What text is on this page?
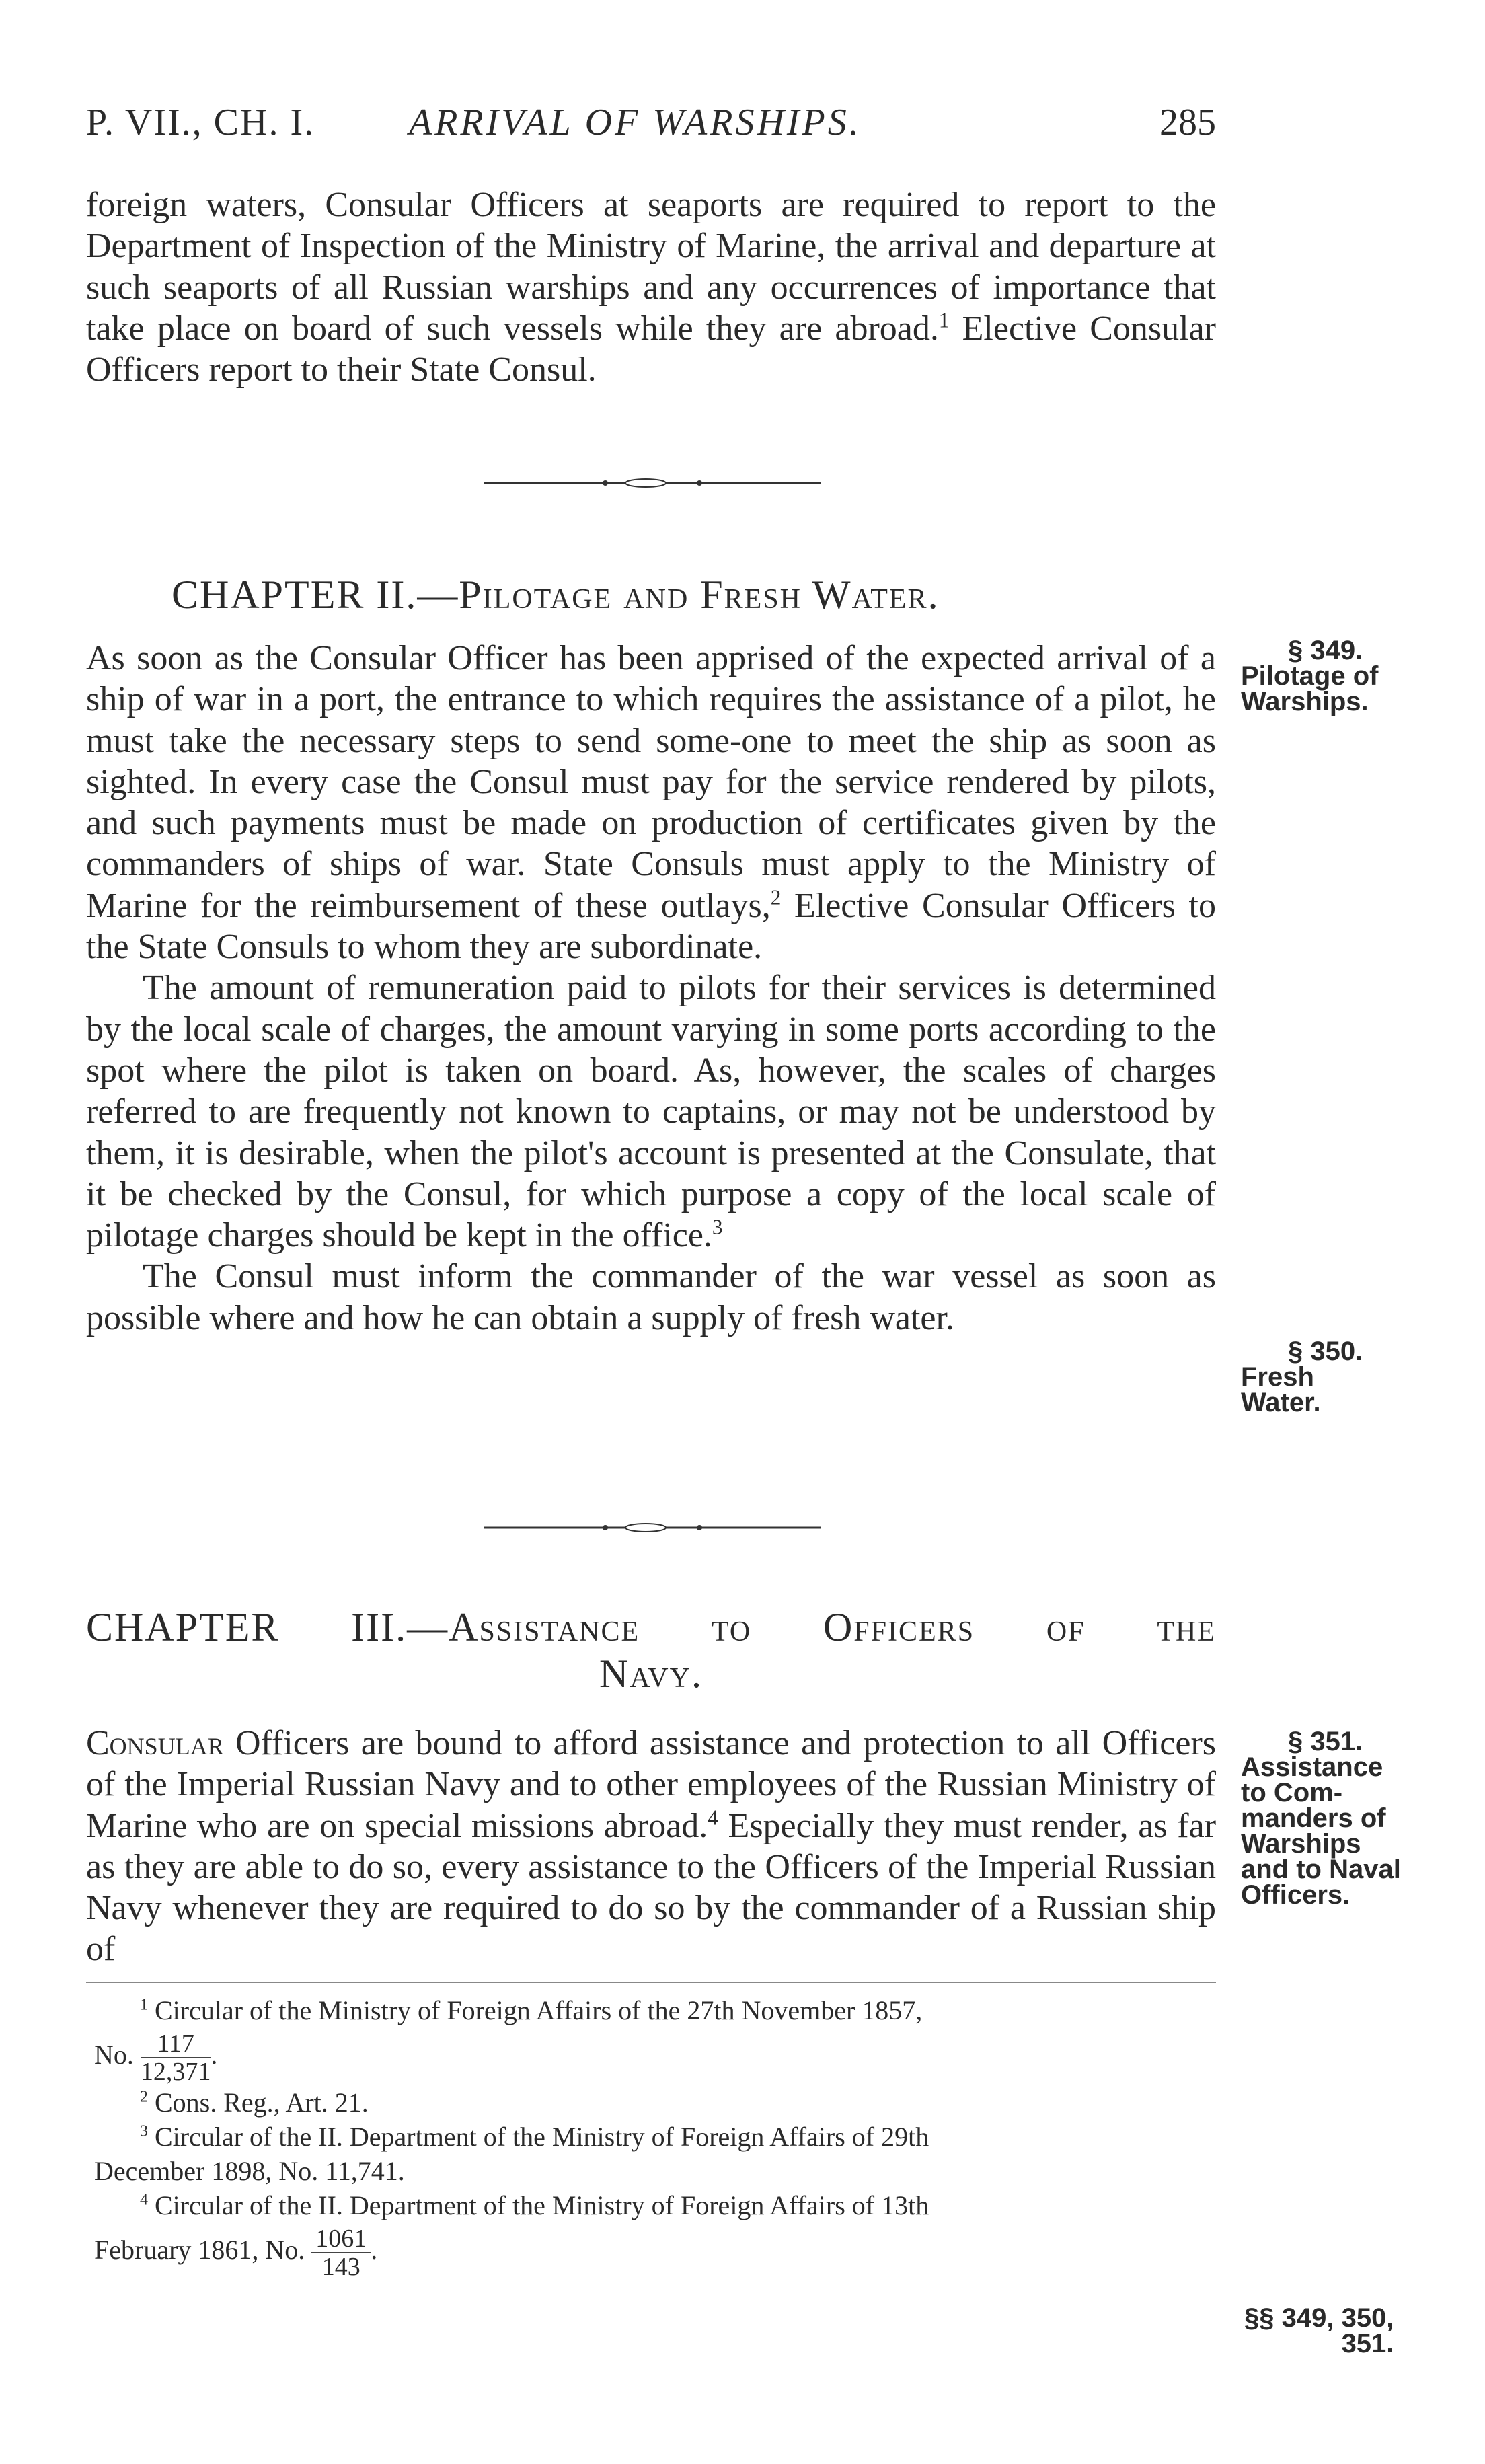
P. VII., CH. I. ARRIVAL OF WARSHIPS.	285

foreign waters, Consular Officers at seaports are required to report to the Department of Inspection of the Ministry of Marine, the arrival and departure at such seaports of all Russian warships and any occurrences of importance that take place on board of such vessels while they are abroad.$^1$ Elective Consular Officers report to their State Consul.

CHAPTER II.—Pilotage and Fresh Water.

As soon as the Consular Officer has been apprised of the expected arrival of a ship of war in a port, the entrance to which requires the assistance of a pilot, he must take the necessary steps to send some-one to meet the ship as soon as sighted. In every case the Consul must pay for the service rendered by pilots, and such payments must be made on production of certificates given by the commanders of ships of war. State Consuls must apply to the Ministry of Marine for the reimbursement of these outlays,$^2$ Elective Consular Officers to the State Consuls to whom they are subordinate.

The amount of remuneration paid to pilots for their services is determined by the local scale of charges, the amount varying in some ports according to the spot where the pilot is taken on board. As, however, the scales of charges referred to are frequently not known to captains, or may not be understood by them, it is desirable, when the pilot's account is presented at the Consulate, that it be checked by the Consul, for which purpose a copy of the local scale of pilotage charges should be kept in the office.$^3$

The Consul must inform the commander of the war vessel as soon as possible where and how he can obtain a supply of fresh water.

§ 349.
Pilotage of
Warships.
§ 350.
Fresh
Water.
CHAPTER III.—Assistance to Officers of the
Navy.

Consular Officers are bound to afford assistance and protection to all Officers of the Imperial Russian Navy and to other employees of the Russian Ministry of Marine who are on special missions abroad.$^4$ Especially they must render, as far as they are able to do so, every assistance to the Officers of the Imperial Russian Navy whenever they are required to do so by the commander of a Russian ship of

§ 351.
Assistance
to Com-
manders of
Warships
and to Naval
Officers.

$^1$ Circular of the Ministry of Foreign Affairs of the 27th November 1857,

No. $\frac{117}{12,371}$ .

$^2$ Cons. Reg., Art. 21.

$^3$ Circular of the II. Department of the Ministry of Foreign Affairs of 29th

December 1898, No. 11,741.

$^4$ Circular of the II. Department of the Ministry of Foreign Affairs of 13th

February 1861, No. $\frac{1061}{143}$ .

§§ 349, 350,
351.
